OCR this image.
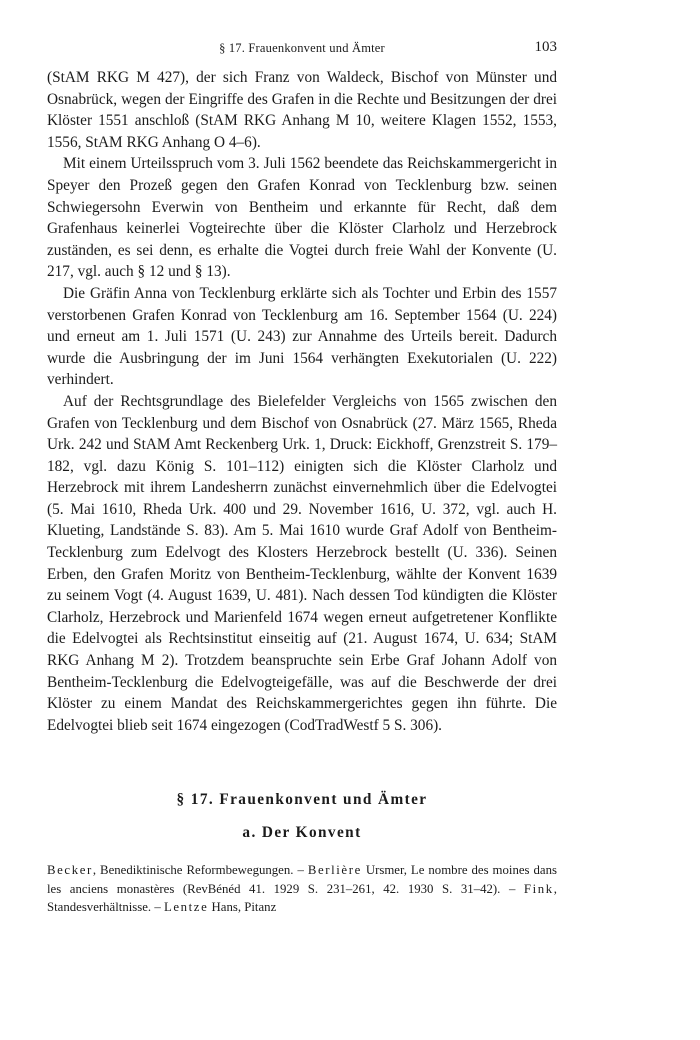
§ 17. Frauenkonvent und Ämter	103

(StAM RKG M 427), der sich Franz von Waldeck, Bischof von Münster und Osnabrück, wegen der Eingriffe des Grafen in die Rechte und Besitzungen der drei Klöster 1551 anschloß (StAM RKG Anhang M 10, weitere Klagen 1552, 1553, 1556, StAM RKG Anhang O 4–6).

Mit einem Urteilsspruch vom 3. Juli 1562 beendete das Reichskammergericht in Speyer den Prozeß gegen den Grafen Konrad von Tecklenburg bzw. seinen Schwiegersohn Everwin von Bentheim und erkannte für Recht, daß dem Grafenhaus keinerlei Vogteirechte über die Klöster Clarholz und Herzebrock zuständen, es sei denn, es erhalte die Vogtei durch freie Wahl der Konvente (U. 217, vgl. auch § 12 und § 13).

Die Gräfin Anna von Tecklenburg erklärte sich als Tochter und Erbin des 1557 verstorbenen Grafen Konrad von Tecklenburg am 16. September 1564 (U. 224) und erneut am 1. Juli 1571 (U. 243) zur Annahme des Urteils bereit. Dadurch wurde die Ausbringung der im Juni 1564 verhängten Exekutorialen (U. 222) verhindert.

Auf der Rechtsgrundlage des Bielefelder Vergleichs von 1565 zwischen den Grafen von Tecklenburg und dem Bischof von Osnabrück (27. März 1565, Rheda Urk. 242 und StAM Amt Reckenberg Urk. 1, Druck: Eickhoff, Grenzstreit S. 179–182, vgl. dazu König S. 101–112) einigten sich die Klöster Clarholz und Herzebrock mit ihrem Landesherrn zunächst einvernehmlich über die Edelvogtei (5. Mai 1610, Rheda Urk. 400 und 29. November 1616, U. 372, vgl. auch H. Klueting, Landstände S. 83). Am 5. Mai 1610 wurde Graf Adolf von Bentheim-Tecklenburg zum Edelvogt des Klosters Herzebrock bestellt (U. 336). Seinen Erben, den Grafen Moritz von Bentheim-Tecklenburg, wählte der Konvent 1639 zu seinem Vogt (4. August 1639, U. 481). Nach dessen Tod kündigten die Klöster Clarholz, Herzebrock und Marienfeld 1674 wegen erneut aufgetretener Konflikte die Edelvogtei als Rechtsinstitut einseitig auf (21. August 1674, U. 634; StAM RKG Anhang M 2). Trotzdem beanspruchte sein Erbe Graf Johann Adolf von Bentheim-Tecklenburg die Edelvogteigefälle, was auf die Beschwerde der drei Klöster zu einem Mandat des Reichskammergerichtes gegen ihn führte. Die Edelvogtei blieb seit 1674 eingezogen (CodTradWestf 5 S. 306).

§ 17. Frauenkonvent und Ämter
a. Der Konvent

Becker, Benediktinische Reformbewegungen. – Berlière Ursmer, Le nombre des moines dans les anciens monastères (RevBénéd 41. 1929 S. 231–261, 42. 1930 S. 31–42). – Fink, Standesverhältnisse. – Lentze Hans, Pitanz
